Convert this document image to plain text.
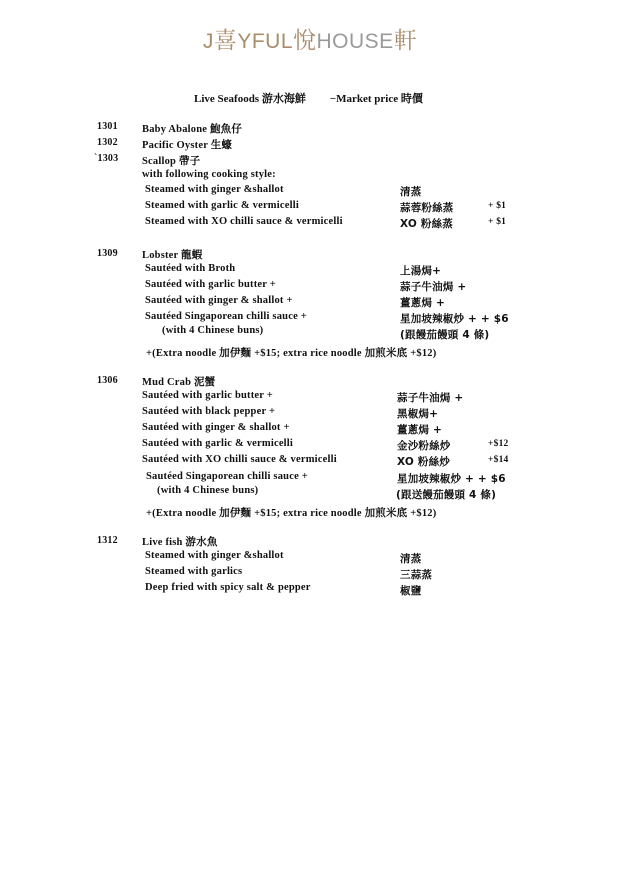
J喜YFUL悅HOUSE軒
Live Seafoods 游水海鮮 −Market price 時價
1301 Baby Abalone 鮑魚仔
1302 Pacific Oyster 生蠔
`1303 Scallop 帶子
with following cooking style:
Steamed with ginger &shallot	清蒸
Steamed with garlic & vermicelli	蒜蓉粉絲蒸	+ $1
Steamed with XO chilli sauce & vermicelli	XO 粉絲蒸	+ $1
1309 Lobster 龍蝦
Sautéed with Broth	上湯焗+
Sautéed with garlic butter +	蒜子牛油焗 +
Sautéed with ginger & shallot +	薑蔥焗 +
Sautéed Singaporean chilli sauce +	星加坡辣椒炒 + + $6
(with 4 Chinese buns)	(跟饅茄饅頭 4 條)
+(Extra noodle 加伊麵 +$15; extra rice noodle 加煎米底 +$12)
1306 Mud Crab 泥蟹
Sautéed with garlic butter +	蒜子牛油焗 +
Sautéed with black pepper +	黑椒焗+
Sautéed with ginger & shallot +	薑蔥焗 +
Sautéed with garlic & vermicelli	金沙粉絲炒	+$12
Sautéed with XO chilli sauce & vermicelli	XO 粉絲炒	+$14
Sautéed Singaporean chilli sauce +	星加坡辣椒炒 + + $6
(with 4 Chinese buns)	(跟送饅茄饅頭 4 條)
+(Extra noodle 加伊麵 +$15; extra rice noodle 加煎米底 +$12)
1312 Live fish 游水魚
Steamed with ginger &shallot	清蒸
Steamed with garlics	三蒜蒸
Deep fried with spicy salt & pepper	椒鹽
